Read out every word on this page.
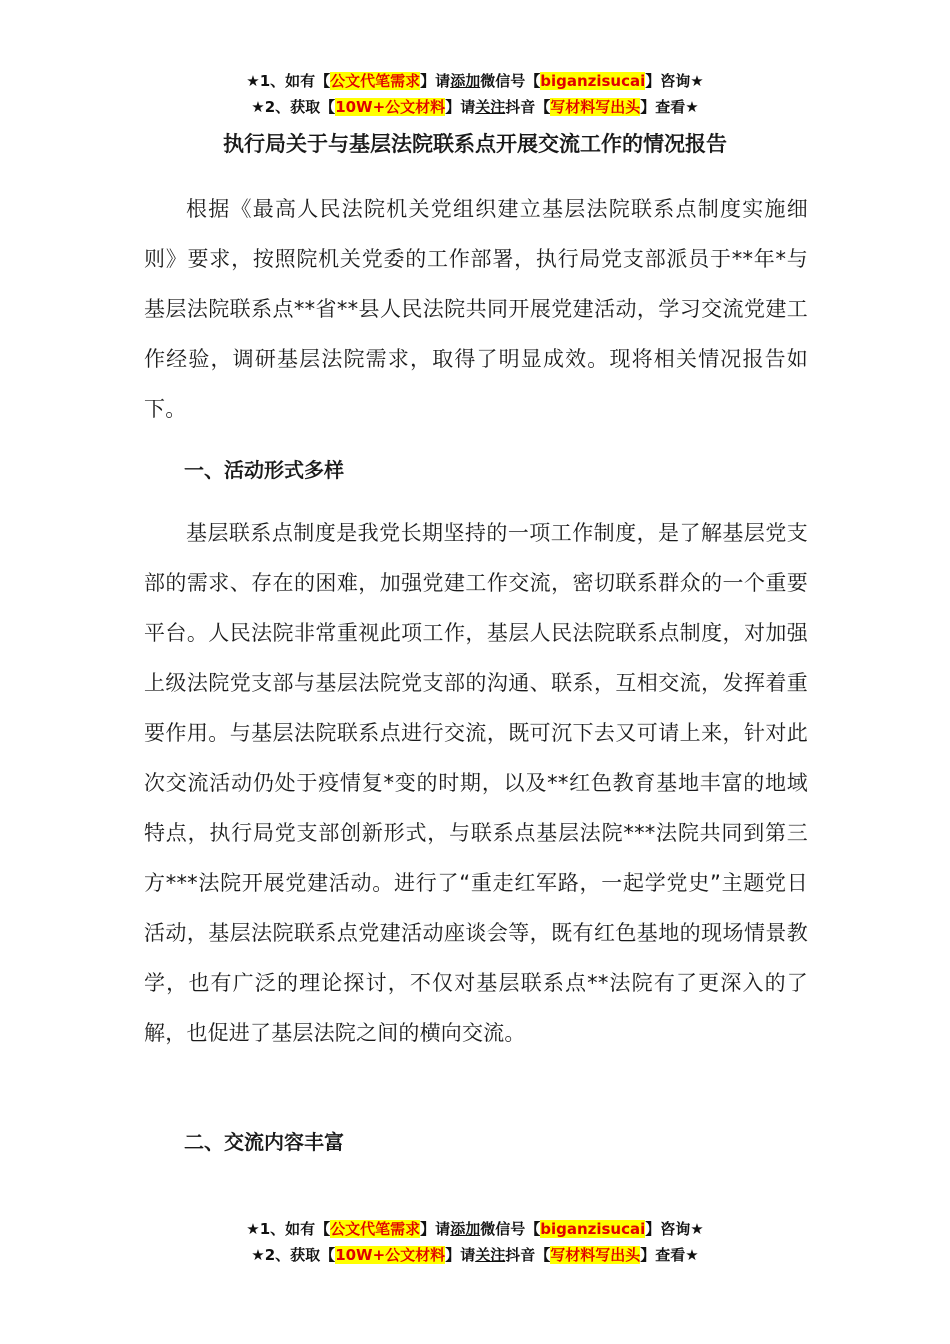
★1、如有【公文代笔需求】请添加微信号【biganzisucai】咨询★
★2、获取【10W+公文材料】请关注抖音【写材料写出头】查看★
执行局关于与基层法院联系点开展交流工作的情况报告

根据《最高人民法院机关党组织建立基层法院联系点制度实施细则》要求，按照院机关党委的工作部署，执行局党支部派员于**年*与基层法院联系点**省**县人民法院共同开展党建活动，学习交流党建工作经验，调研基层法院需求，取得了明显成效。现将相关情况报告如下。

一、活动形式多样

基层联系点制度是我党长期坚持的一项工作制度，是了解基层党支部的需求、存在的困难，加强党建工作交流，密切联系群众的一个重要平台。人民法院非常重视此项工作，基层人民法院联系点制度，对加强上级法院党支部与基层法院党支部的沟通、联系，互相交流，发挥着重要作用。与基层法院联系点进行交流，既可沉下去又可请上来，针对此次交流活动仍处于疫情复*变的时期，以及**红色教育基地丰富的地域特点，执行局党支部创新形式，与联系点基层法院***法院共同到第三方***法院开展党建活动。进行了“重走红军路，一起学党史”主题党日活动，基层法院联系点党建活动座谈会等，既有红色基地的现场情景教学，也有广泛的理论探讨，不仅对基层联系点**法院有了更深入的了解，也促进了基层法院之间的横向交流。

二、交流内容丰富

★1、如有【公文代笔需求】请添加微信号【biganzisucai】咨询★
★2、获取【10W+公文材料】请关注抖音【写材料写出头】查看★
